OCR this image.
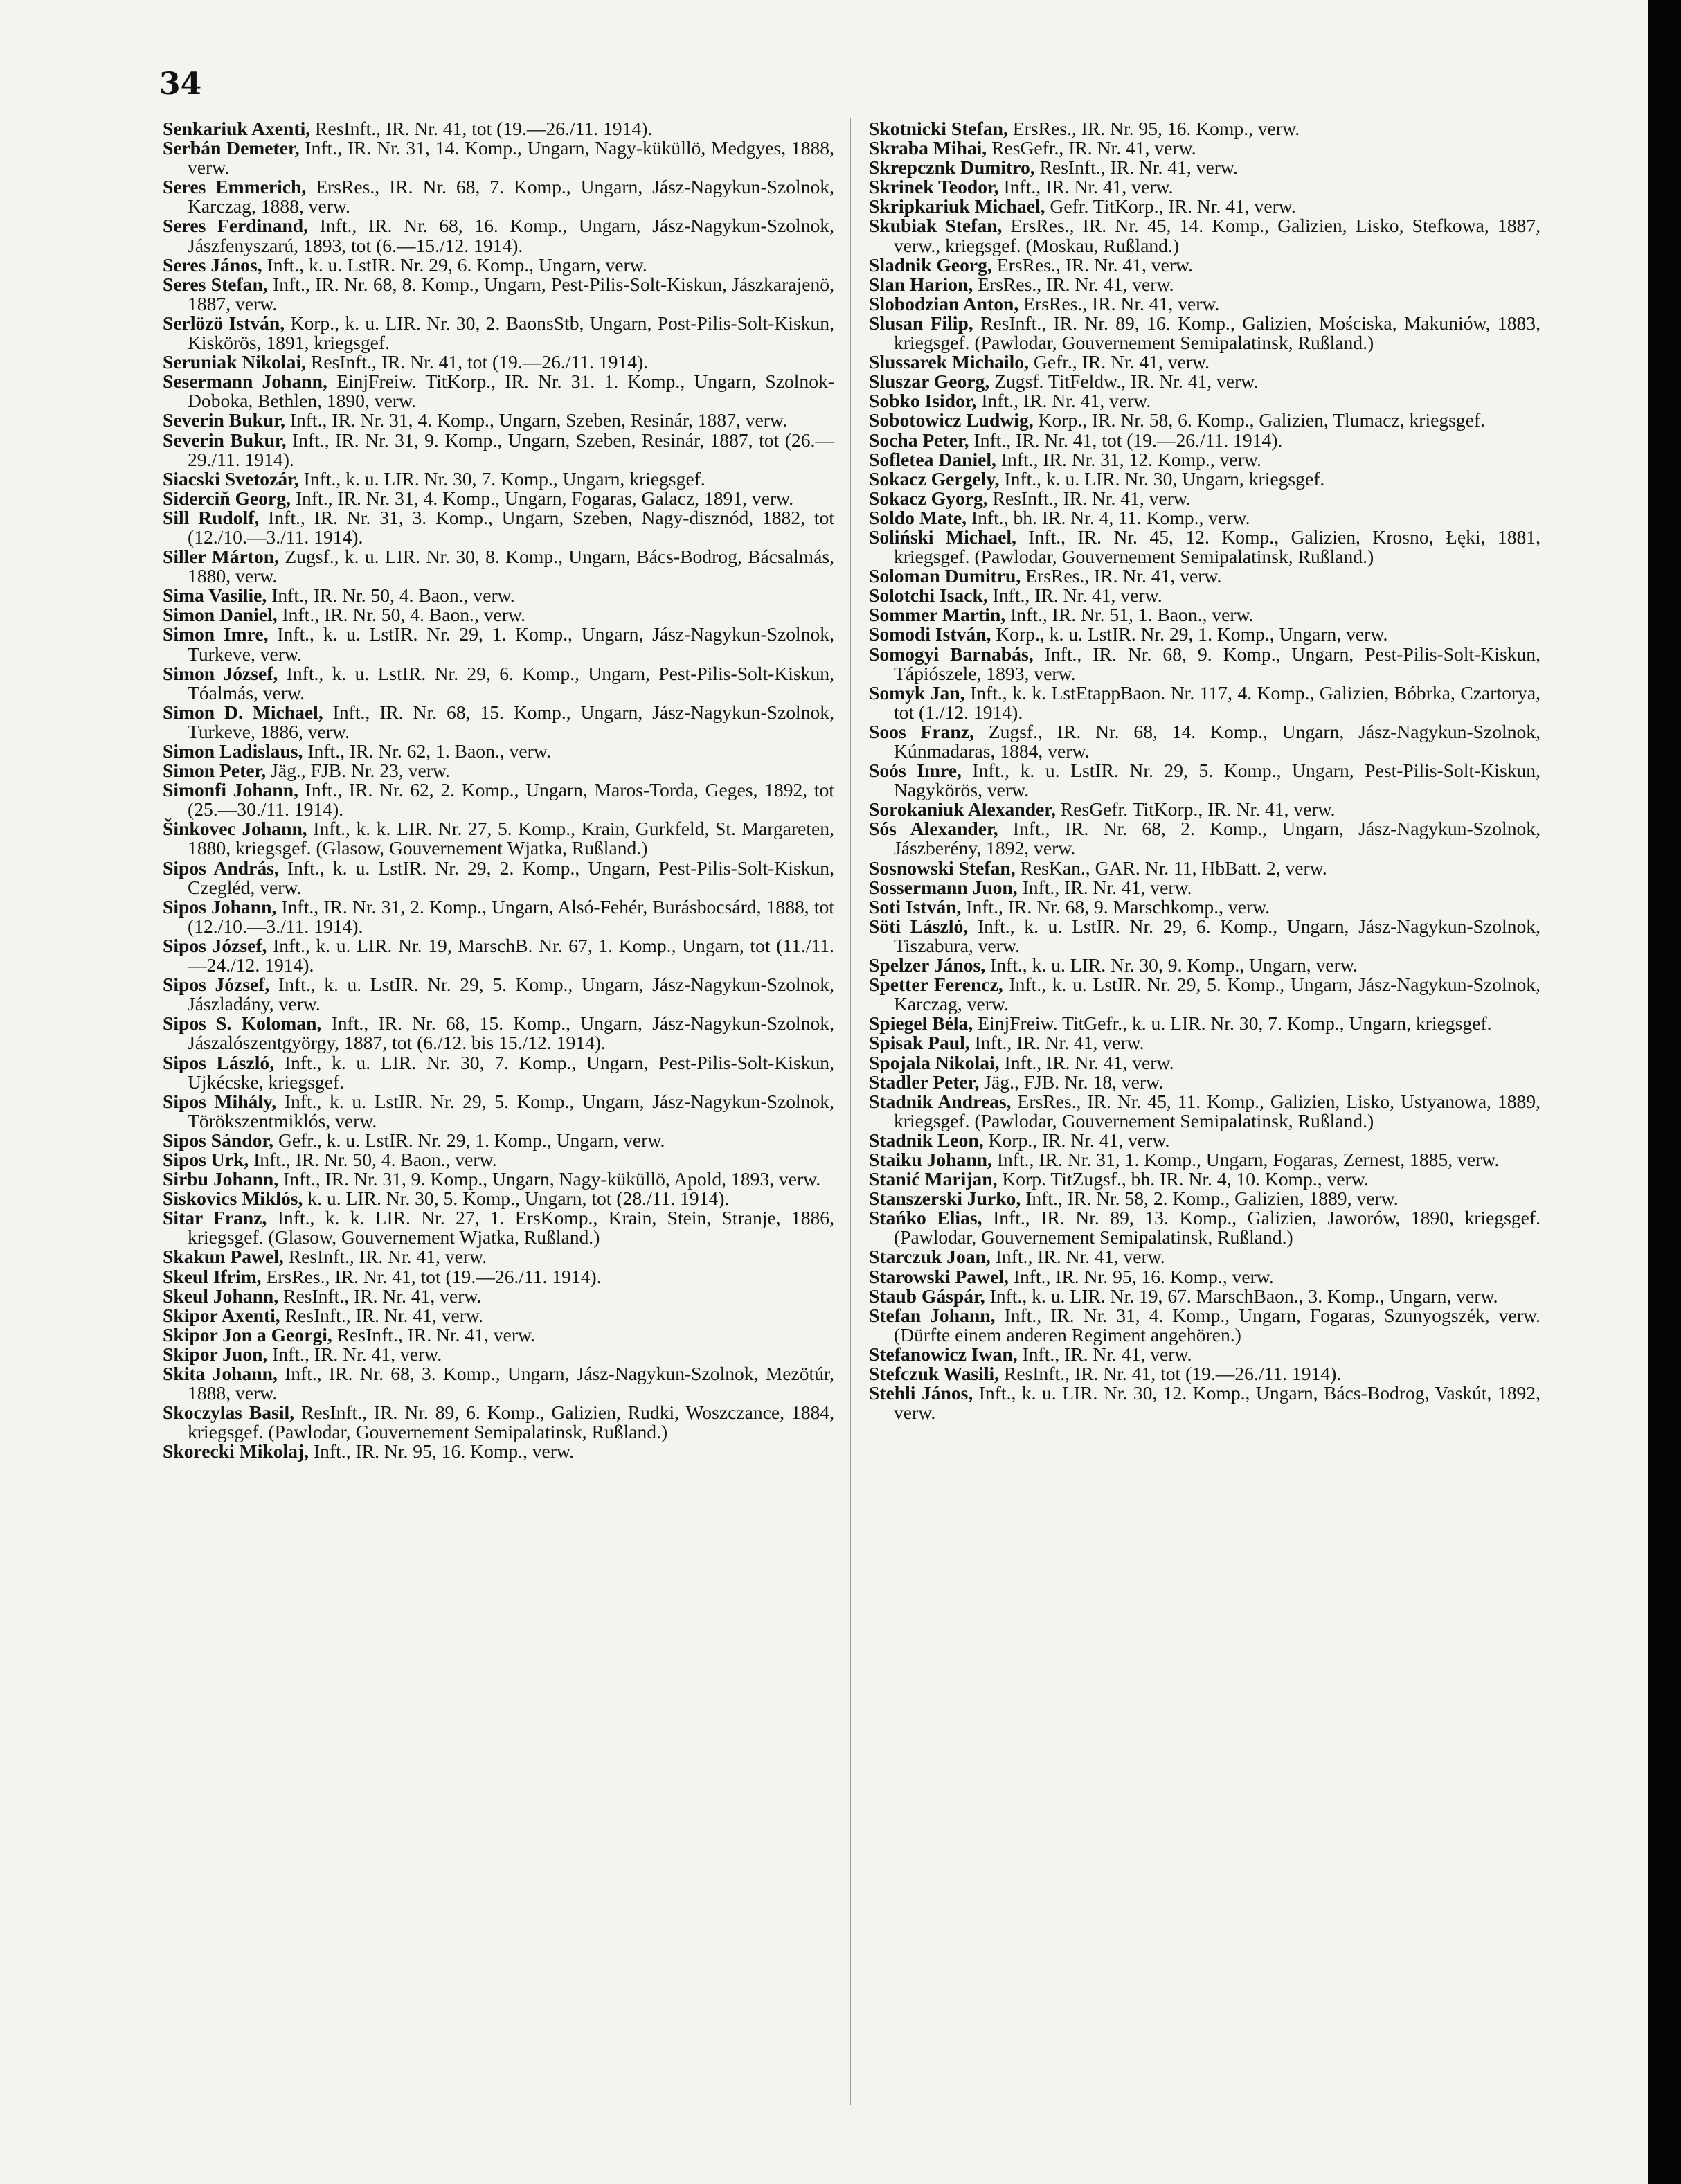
34

Senkariuk Axenti, ResInft., IR. Nr. 41, tot (19.—26./11. 1914).

Serbán Demeter, Inft., IR. Nr. 31, 14. Komp., Ungarn, Nagy-küküllö, Medgyes, 1888, verw.

Seres Emmerich, ErsRes., IR. Nr. 68, 7. Komp., Ungarn, Jász-Nagykun-Szolnok, Karczag, 1888, verw.

Seres Ferdinand, Inft., IR. Nr. 68, 16. Komp., Ungarn, Jász-Nagykun-Szolnok, Jászfenyszarú, 1893, tot (6.—15./12. 1914).

Seres János, Inft., k. u. LstIR. Nr. 29, 6. Komp., Ungarn, verw.

Seres Stefan, Inft., IR. Nr. 68, 8. Komp., Ungarn, Pest-Pilis-Solt-Kiskun, Jászkarajenö, 1887, verw.

Serlözö István, Korp., k. u. LIR. Nr. 30, 2. BaonsStb, Ungarn, Post-Pilis-Solt-Kiskun, Kiskörös, 1891, kriegsgef.

Seruniak Nikolai, ResInft., IR. Nr. 41, tot (19.—26./11. 1914).

Sesermann Johann, EinjFreiw. TitKorp., IR. Nr. 31. 1. Komp., Ungarn, Szolnok-Doboka, Bethlen, 1890, verw.

Severin Bukur, Inft., IR. Nr. 31, 4. Komp., Ungarn, Szeben, Resinár, 1887, verw.

Severin Bukur, Inft., IR. Nr. 31, 9. Komp., Ungarn, Szeben, Resinár, 1887, tot (26.—29./11. 1914).

Siacski Svetozár, Inft., k. u. LIR. Nr. 30, 7. Komp., Ungarn, kriegsgef.

Siderciň Georg, Inft., IR. Nr. 31, 4. Komp., Ungarn, Fogaras, Galacz, 1891, verw.

Sill Rudolf, Inft., IR. Nr. 31, 3. Komp., Ungarn, Szeben, Nagy-disznód, 1882, tot (12./10.—3./11. 1914).

Siller Márton, Zugsf., k. u. LIR. Nr. 30, 8. Komp., Ungarn, Bács-Bodrog, Bácsalmás, 1880, verw.

Sima Vasilie, Inft., IR. Nr. 50, 4. Baon., verw.

Simon Daniel, Inft., IR. Nr. 50, 4. Baon., verw.

Simon Imre, Inft., k. u. LstIR. Nr. 29, 1. Komp., Ungarn, Jász-Nagykun-Szolnok, Turkeve, verw.

Simon József, Inft., k. u. LstIR. Nr. 29, 6. Komp., Ungarn, Pest-Pilis-Solt-Kiskun, Tóalmás, verw.

Simon D. Michael, Inft., IR. Nr. 68, 15. Komp., Ungarn, Jász-Nagykun-Szolnok, Turkeve, 1886, verw.

Simon Ladislaus, Inft., IR. Nr. 62, 1. Baon., verw.

Simon Peter, Jäg., FJB. Nr. 23, verw.

Simonfi Johann, Inft., IR. Nr. 62, 2. Komp., Ungarn, Maros-Torda, Geges, 1892, tot (25.—30./11. 1914).

Šinkovec Johann, Inft., k. k. LIR. Nr. 27, 5. Komp., Krain, Gurkfeld, St. Margareten, 1880, kriegsgef. (Glasow, Gouvernement Wjatka, Rußland.)

Sipos András, Inft., k. u. LstIR. Nr. 29, 2. Komp., Ungarn, Pest-Pilis-Solt-Kiskun, Czegléd, verw.

Sipos Johann, Inft., IR. Nr. 31, 2. Komp., Ungarn, Alsó-Fehér, Burásbocsárd, 1888, tot (12./10.—3./11. 1914).

Sipos József, Inft., k. u. LIR. Nr. 19, MarschB. Nr. 67, 1. Komp., Ungarn, tot (11./11.—24./12. 1914).

Sipos József, Inft., k. u. LstIR. Nr. 29, 5. Komp., Ungarn, Jász-Nagykun-Szolnok, Jászladány, verw.

Sipos S. Koloman, Inft., IR. Nr. 68, 15. Komp., Ungarn, Jász-Nagykun-Szolnok, Jászalószentgyörgy, 1887, tot (6./12. bis 15./12. 1914).

Sipos László, Inft., k. u. LIR. Nr. 30, 7. Komp., Ungarn, Pest-Pilis-Solt-Kiskun, Ujkécske, kriegsgef.

Sipos Mihály, Inft., k. u. LstIR. Nr. 29, 5. Komp., Ungarn, Jász-Nagykun-Szolnok, Törökszentmiklós, verw.

Sipos Sándor, Gefr., k. u. LstIR. Nr. 29, 1. Komp., Ungarn, verw.

Sipos Urk, Inft., IR. Nr. 50, 4. Baon., verw.

Sirbu Johann, Inft., IR. Nr. 31, 9. Komp., Ungarn, Nagy-küküllö, Apold, 1893, verw.

Siskovics Miklós, k. u. LIR. Nr. 30, 5. Komp., Ungarn, tot (28./11. 1914).

Sitar Franz, Inft., k. k. LIR. Nr. 27, 1. ErsKomp., Krain, Stein, Stranje, 1886, kriegsgef. (Glasow, Gouvernement Wjatka, Rußland.)

Skakun Pawel, ResInft., IR. Nr. 41, verw.

Skeul Ifrim, ErsRes., IR. Nr. 41, tot (19.—26./11. 1914).

Skeul Johann, ResInft., IR. Nr. 41, verw.

Skipor Axenti, ResInft., IR. Nr. 41, verw.

Skipor Jon a Georgi, ResInft., IR. Nr. 41, verw.

Skipor Juon, Inft., IR. Nr. 41, verw.

Skita Johann, Inft., IR. Nr. 68, 3. Komp., Ungarn, Jász-Nagykun-Szolnok, Mezötúr, 1888, verw.

Skoczylas Basil, ResInft., IR. Nr. 89, 6. Komp., Galizien, Rudki, Woszczance, 1884, kriegsgef. (Pawlodar, Gouvernement Semipalatinsk, Rußland.)

Skorecki Mikolaj, Inft., IR. Nr. 95, 16. Komp., verw.

Skotnicki Stefan, ErsRes., IR. Nr. 95, 16. Komp., verw.

Skraba Mihai, ResGefr., IR. Nr. 41, verw.

Skrepcznk Dumitro, ResInft., IR. Nr. 41, verw.

Skrinek Teodor, Inft., IR. Nr. 41, verw.

Skripkariuk Michael, Gefr. TitKorp., IR. Nr. 41, verw.

Skubiak Stefan, ErsRes., IR. Nr. 45, 14. Komp., Galizien, Lisko, Stefkowa, 1887, verw., kriegsgef. (Moskau, Rußland.)

Sladnik Georg, ErsRes., IR. Nr. 41, verw.

Slan Harion, ErsRes., IR. Nr. 41, verw.

Slobodzian Anton, ErsRes., IR. Nr. 41, verw.

Slusan Filip, ResInft., IR. Nr. 89, 16. Komp., Galizien, Mościska, Makuniów, 1883, kriegsgef. (Pawlodar, Gouvernement Semipalatinsk, Rußland.)

Slussarek Michailo, Gefr., IR. Nr. 41, verw.

Sluszar Georg, Zugsf. TitFeldw., IR. Nr. 41, verw.

Sobko Isidor, Inft., IR. Nr. 41, verw.

Sobotowicz Ludwig, Korp., IR. Nr. 58, 6. Komp., Galizien, Tlumacz, kriegsgef.

Socha Peter, Inft., IR. Nr. 41, tot (19.—26./11. 1914).

Sofletea Daniel, Inft., IR. Nr. 31, 12. Komp., verw.

Sokacz Gergely, Inft., k. u. LIR. Nr. 30, Ungarn, kriegsgef.

Sokacz Gyorg, ResInft., IR. Nr. 41, verw.

Soldo Mate, Inft., bh. IR. Nr. 4, 11. Komp., verw.

Soliński Michael, Inft., IR. Nr. 45, 12. Komp., Galizien, Krosno, Łęki, 1881, kriegsgef. (Pawlodar, Gouvernement Semipalatinsk, Rußland.)

Soloman Dumitru, ErsRes., IR. Nr. 41, verw.

Solotchi Isack, Inft., IR. Nr. 41, verw.

Sommer Martin, Inft., IR. Nr. 51, 1. Baon., verw.

Somodi István, Korp., k. u. LstIR. Nr. 29, 1. Komp., Ungarn, verw.

Somogyi Barnabás, Inft., IR. Nr. 68, 9. Komp., Ungarn, Pest-Pilis-Solt-Kiskun, Tápiószele, 1893, verw.

Somyk Jan, Inft., k. k. LstEtappBaon. Nr. 117, 4. Komp., Galizien, Bóbrka, Czartorya, tot (1./12. 1914).

Soos Franz, Zugsf., IR. Nr. 68, 14. Komp., Ungarn, Jász-Nagykun-Szolnok, Kúnmadaras, 1884, verw.

Soós Imre, Inft., k. u. LstIR. Nr. 29, 5. Komp., Ungarn, Pest-Pilis-Solt-Kiskun, Nagykörös, verw.

Sorokaniuk Alexander, ResGefr. TitKorp., IR. Nr. 41, verw.

Sós Alexander, Inft., IR. Nr. 68, 2. Komp., Ungarn, Jász-Nagykun-Szolnok, Jászberény, 1892, verw.

Sosnowski Stefan, ResKan., GAR. Nr. 11, HbBatt. 2, verw.

Sossermann Juon, Inft., IR. Nr. 41, verw.

Soti István, Inft., IR. Nr. 68, 9. Marschkomp., verw.

Söti László, Inft., k. u. LstIR. Nr. 29, 6. Komp., Ungarn, Jász-Nagykun-Szolnok, Tiszabura, verw.

Spelzer János, Inft., k. u. LIR. Nr. 30, 9. Komp., Ungarn, verw.

Spetter Ferencz, Inft., k. u. LstIR. Nr. 29, 5. Komp., Ungarn, Jász-Nagykun-Szolnok, Karczag, verw.

Spiegel Béla, EinjFreiw. TitGefr., k. u. LIR. Nr. 30, 7. Komp., Ungarn, kriegsgef.

Spisak Paul, Inft., IR. Nr. 41, verw.

Spojala Nikolai, Inft., IR. Nr. 41, verw.

Stadler Peter, Jäg., FJB. Nr. 18, verw.

Stadnik Andreas, ErsRes., IR. Nr. 45, 11. Komp., Galizien, Lisko, Ustyanowa, 1889, kriegsgef. (Pawlodar, Gouvernement Semipalatinsk, Rußland.)

Stadnik Leon, Korp., IR. Nr. 41, verw.

Staiku Johann, Inft., IR. Nr. 31, 1. Komp., Ungarn, Fogaras, Zernest, 1885, verw.

Stanić Marijan, Korp. TitZugsf., bh. IR. Nr. 4, 10. Komp., verw.

Stanszerski Jurko, Inft., IR. Nr. 58, 2. Komp., Galizien, 1889, verw.

Stańko Elias, Inft., IR. Nr. 89, 13. Komp., Galizien, Jaworów, 1890, kriegsgef. (Pawlodar, Gouvernement Semipalatinsk, Rußland.)

Starczuk Joan, Inft., IR. Nr. 41, verw.

Starowski Pawel, Inft., IR. Nr. 95, 16. Komp., verw.

Staub Gáspár, Inft., k. u. LIR. Nr. 19, 67. MarschBaon., 3. Komp., Ungarn, verw.

Stefan Johann, Inft., IR. Nr. 31, 4. Komp., Ungarn, Fogaras, Szunyogszék, verw. (Dürfte einem anderen Regiment angehören.)

Stefanowicz Iwan, Inft., IR. Nr. 41, verw.

Stefczuk Wasili, ResInft., IR. Nr. 41, tot (19.—26./11. 1914).

Stehli János, Inft., k. u. LIR. Nr. 30, 12. Komp., Ungarn, Bács-Bodrog, Vaskút, 1892, verw.
